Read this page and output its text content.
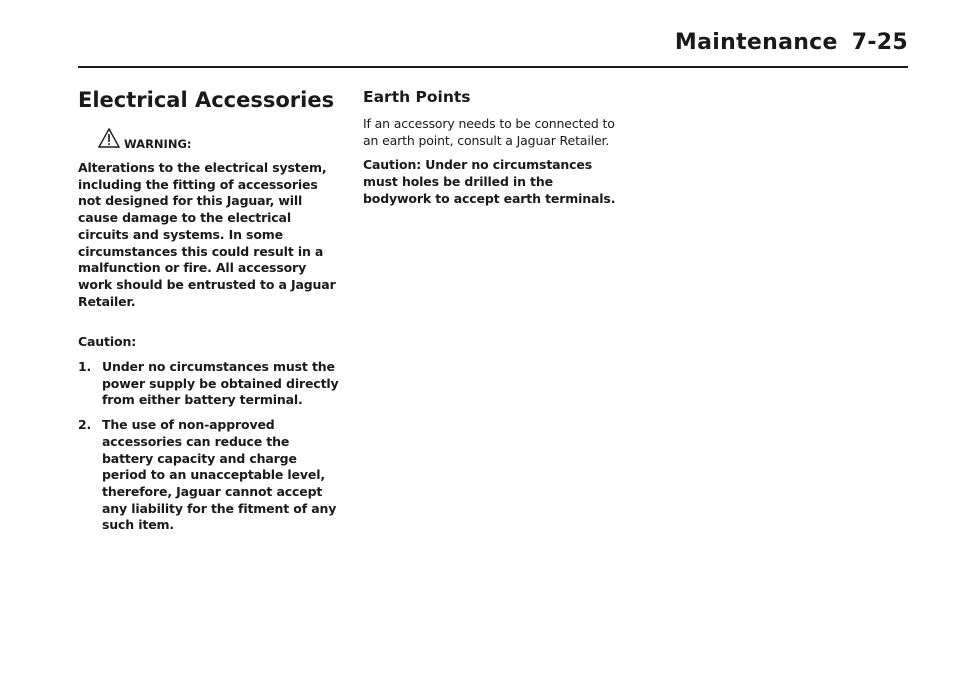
Maintenance 7-25
Electrical Accessories
WARNING:

Alterations to the electrical system, including the fitting of accessories not designed for this Jaguar, will cause damage to the electrical circuits and systems. In some circumstances this could result in a malfunction or fire. All accessory work should be entrusted to a Jaguar Retailer.

Caution:

1. Under no circumstances must the power supply be obtained directly from either battery terminal.
2. The use of non-approved accessories can reduce the battery capacity and charge period to an unacceptable level, therefore, Jaguar cannot accept any liability for the fitment of any such item.
Earth Points

If an accessory needs to be connected to an earth point, consult a Jaguar Retailer.

Caution: Under no circumstances must holes be drilled in the bodywork to accept earth terminals.
